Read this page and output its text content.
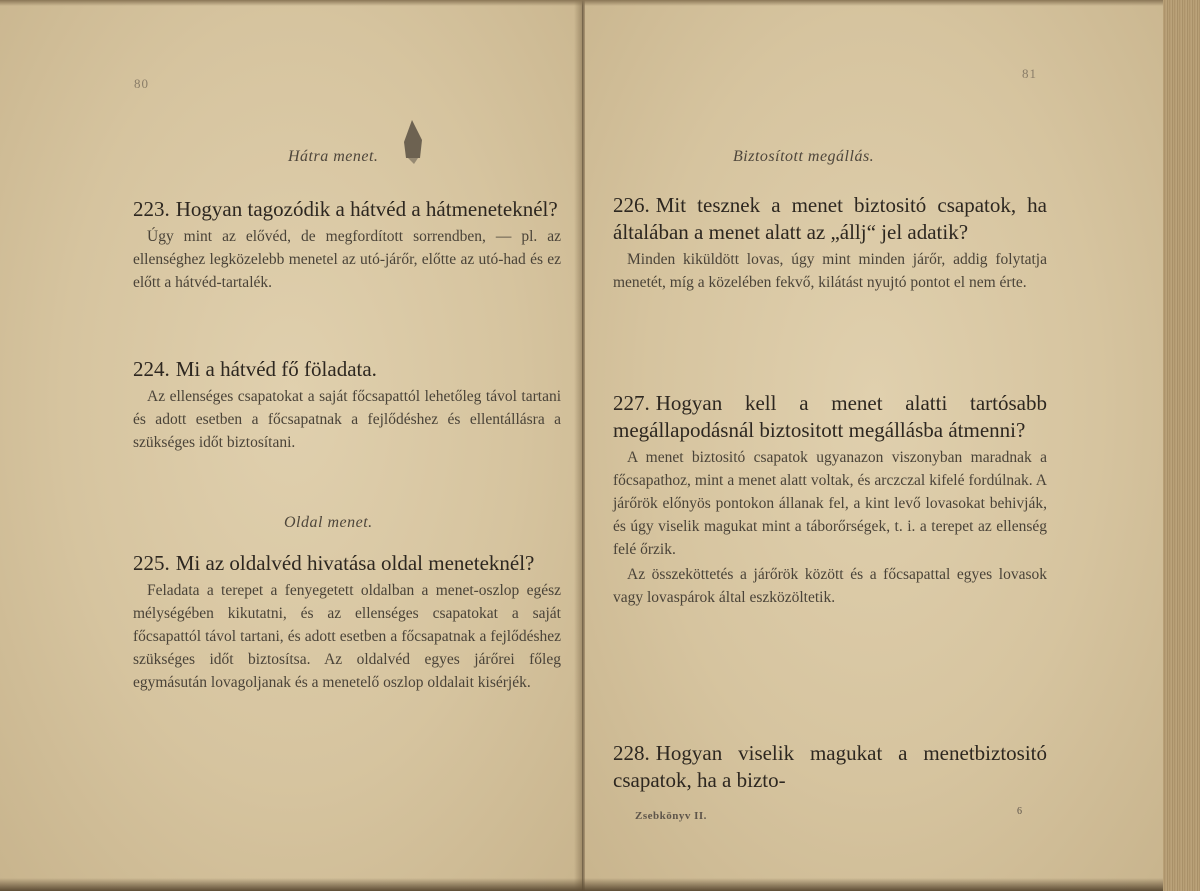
80
Hátra menet.
223. Hogyan tagozódik a hátvéd a hátmeneteknél?
Úgy mint az elővéd, de megfordított sorrendben, — pl. az ellenséghez legközelebb menetel az utó-járőr, előtte az utó-had és ez előtt a hátvéd-tartalék.
224. Mi a hátvéd fő föladata.
Az ellenséges csapatokat a saját főcsapattól lehetőleg távol tartani és adott esetben a főcsapatnak a fejlődéshez és ellentállásra a szükséges időt biztosítani.
Oldal menet.
225. Mi az oldalvéd hivatása oldal meneteknél?
Feladata a terepet a fenyegetett oldalban a menet-oszlop egész mélységében kikutatni, és az ellenséges csapatokat a saját főcsapattól távol tartani, és adott esetben a főcsapatnak a fejlődéshez szükséges időt biztosítsa. Az oldalvéd egyes járőrei főleg egymásután lovagoljanak és a menetelő oszlop oldalait kisérjék.
Biztosított megállás.
226. Mit tesznek a menet biztositó csapatok, ha általában a menet alatt az „állj“ jel adatik?
Minden kiküldött lovas, úgy mint minden járőr, addig folytatja menetét, míg a közelében fekvő, kilátást nyujtó pontot el nem érte.
227. Hogyan kell a menet alatti tartósabb megállapodásnál biztositott megállásba átmenni?
A menet biztositó csapatok ugyanazon viszonyban maradnak a főcsapathoz, mint a menet alatt voltak, és arczczal kifelé fordúlnak. A járőrök előnyös pontokon állanak fel, a kint levő lovasokat behivják, és úgy viselik magukat mint a táborőrségek, t. i. a terepet az ellenség felé őrzik.
Az összeköttetés a járőrök között és a főcsapattal egyes lovasok vagy lovaspárok által eszközöltetik.
228. Hogyan viselik magukat a menetbiztositó csapatok, ha a bizto-
Zsebkönyv II.	6
81
